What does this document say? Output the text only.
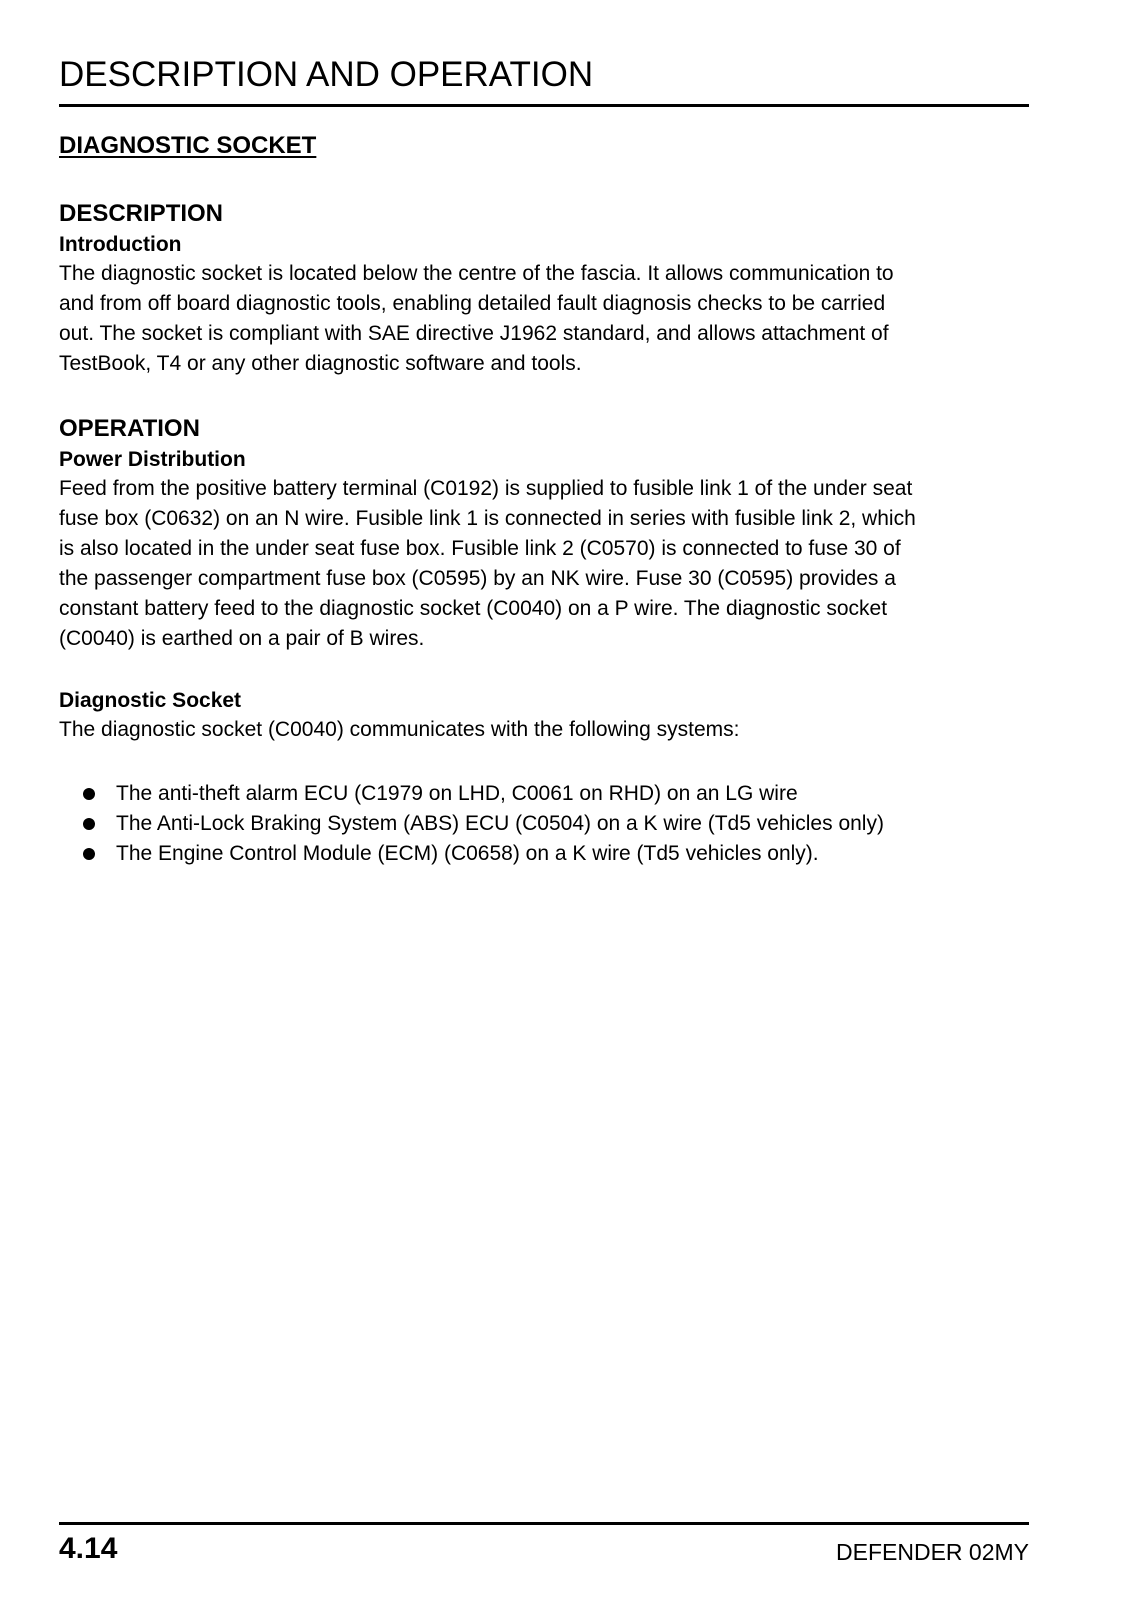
DESCRIPTION AND OPERATION
DIAGNOSTIC SOCKET
DESCRIPTION
Introduction

The diagnostic socket is located below the centre of the fascia. It allows communication to
and from off board diagnostic tools, enabling detailed fault diagnosis checks to be carried
out. The socket is compliant with SAE directive J1962 standard, and allows attachment of
TestBook, T4 or any other diagnostic software and tools.

OPERATION
Power Distribution

Feed from the positive battery terminal (C0192) is supplied to fusible link 1 of the under seat
fuse box (C0632) on an N wire. Fusible link 1 is connected in series with fusible link 2, which
is also located in the under seat fuse box. Fusible link 2 (C0570) is connected to fuse 30 of
the passenger compartment fuse box (C0595) by an NK wire. Fuse 30 (C0595) provides a
constant battery feed to the diagnostic socket (C0040) on a P wire. The diagnostic socket
(C0040) is earthed on a pair of B wires.

Diagnostic Socket

The diagnostic socket (C0040) communicates with the following systems:

The anti-theft alarm ECU (C1979 on LHD, C0061 on RHD) on an LG wire
The Anti-Lock Braking System (ABS) ECU (C0504) on a K wire (Td5 vehicles only)
The Engine Control Module (ECM) (C0658) on a K wire (Td5 vehicles only).
4.14	DEFENDER 02MY
